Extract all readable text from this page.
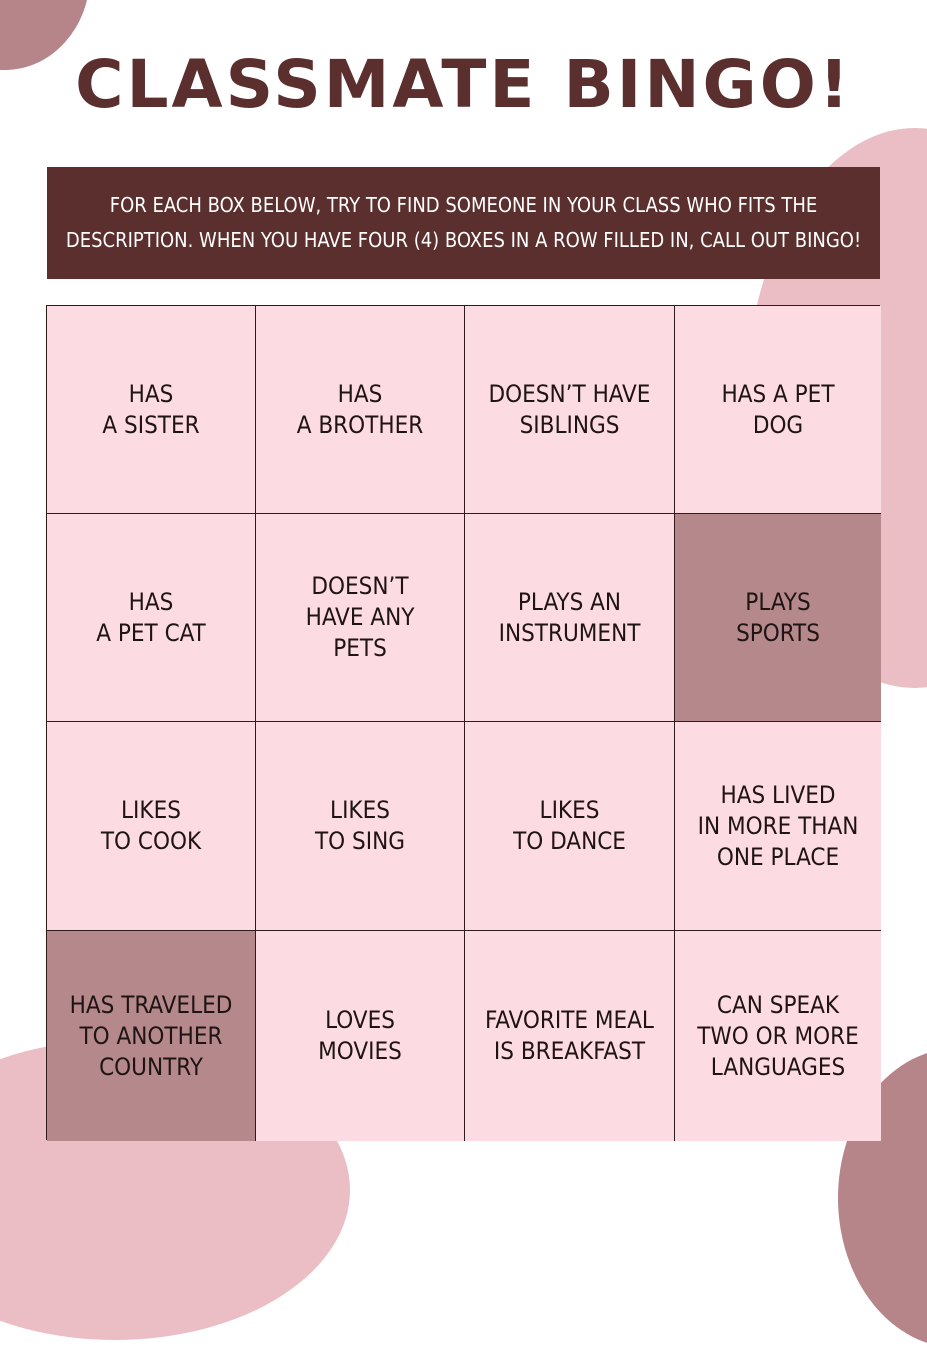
CLASSMATE BINGO!
FOR EACH BOX BELOW, TRY TO FIND SOMEONE IN YOUR CLASS WHO FITS THE DESCRIPTION. WHEN YOU HAVE FOUR (4) BOXES IN A ROW FILLED IN, CALL OUT BINGO!
HAS
A SISTER
HAS
A BROTHER
DOESN’T HAVE
SIBLINGS
HAS A PET
DOG
HAS
A PET CAT
DOESN’T
HAVE ANY
PETS
PLAYS AN
INSTRUMENT
PLAYS
SPORTS
LIKES
TO COOK
LIKES
TO SING
LIKES
TO DANCE
HAS LIVED
IN MORE THAN
ONE PLACE
HAS TRAVELED
TO ANOTHER
COUNTRY
LOVES
MOVIES
FAVORITE MEAL
IS BREAKFAST
CAN SPEAK
TWO OR MORE
LANGUAGES
